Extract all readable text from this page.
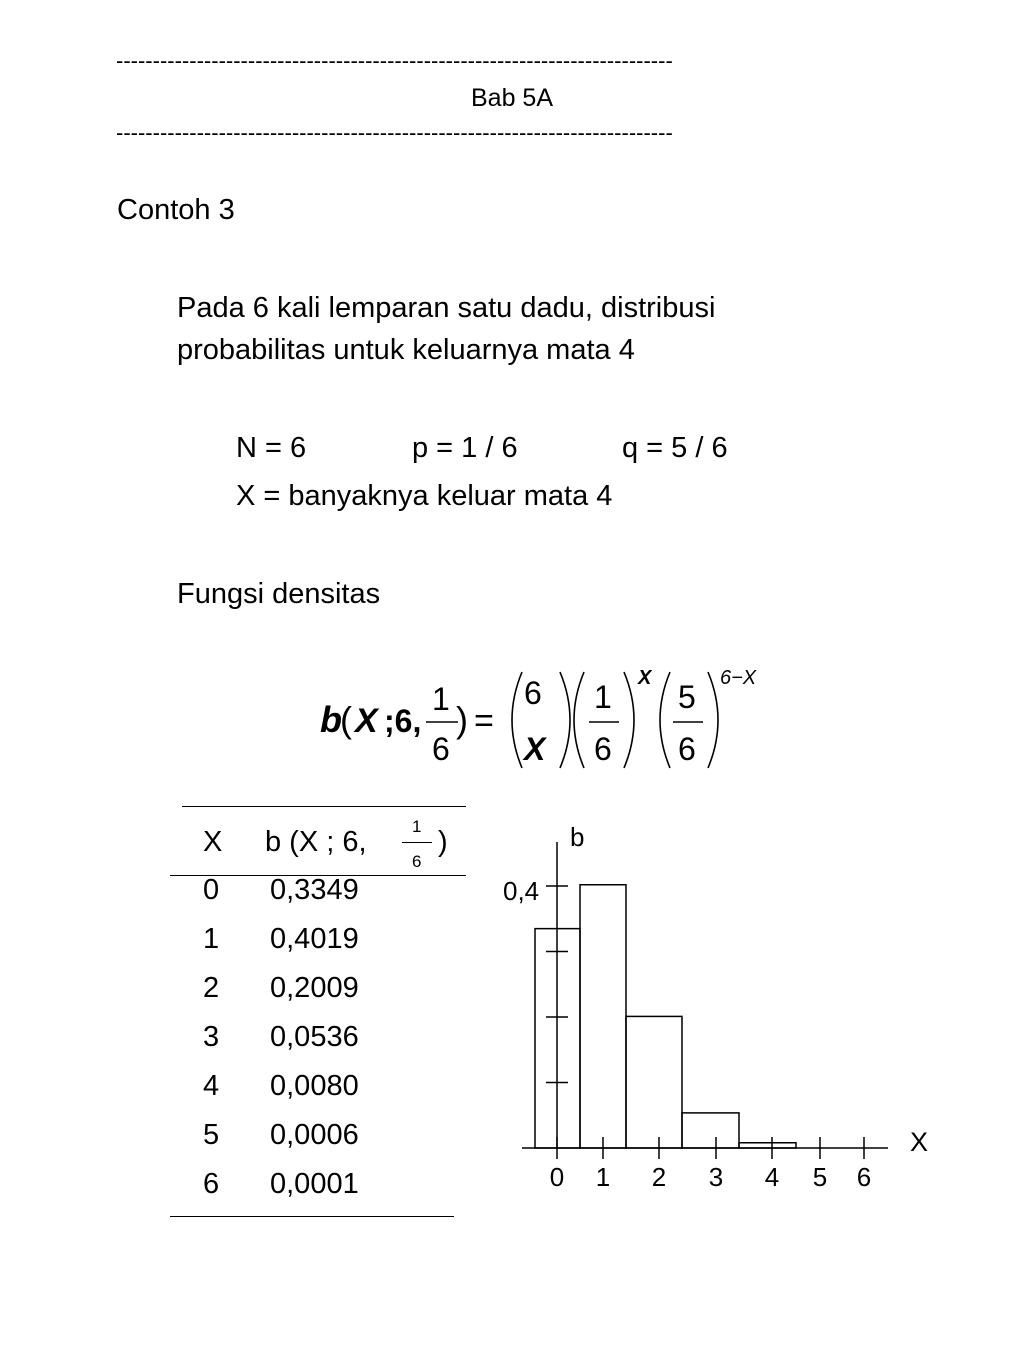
----------------------------------------------------------------------------
Bab 5A
----------------------------------------------------------------------------
Contoh 3
Pada 6 kali lemparan satu dadu, distribusi
probabilitas untuk keluarnya mata 4
N = 6	p = 1 / 6	q = 5 / 6
X = banyaknya keluar mata 4
Fungsi densitas
b
( X ;6,
1
6
) =
6
X
1
6
X
5
6
6−X
X b (X ; 6,	1
6
)
0 0,3349
1 0,4019
2 0,2009
3 0,0536
4 0,0080
5 0,0006
6 0,0001
b
X
0,4
0 1 2 3 4 5 6
